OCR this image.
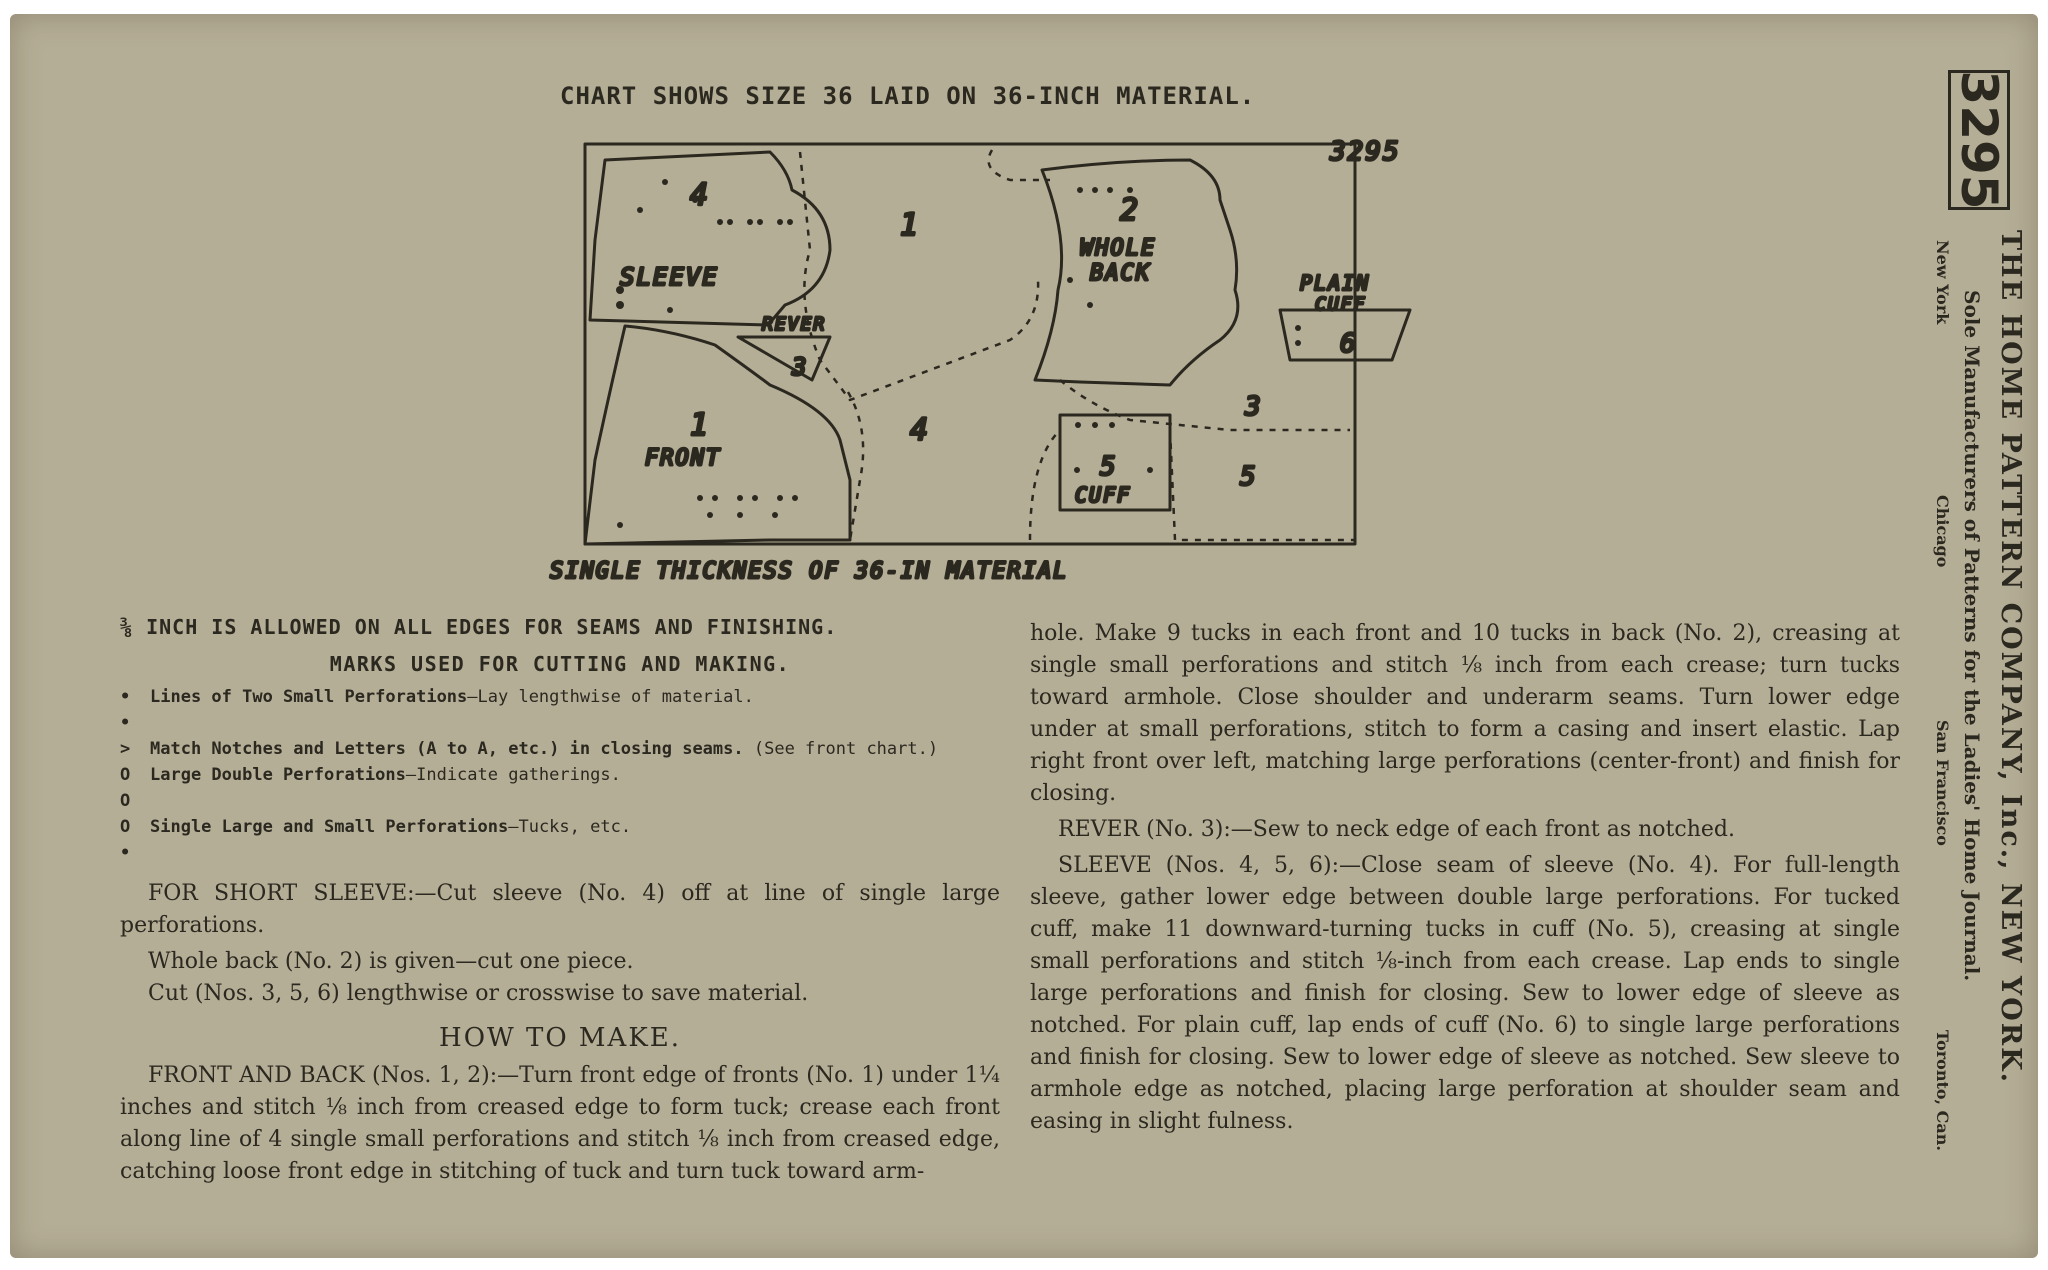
CHART SHOWS SIZE 36 LAID ON 36-INCH MATERIAL.
3295
4
SLEEVE
1	2
WHOLE
BACK
REVER
3
1
FRONT
4
3
5
CUFF
5
PLAIN
CUFF
6
SINGLE THICKNESS OF 36-IN MATERIAL
⅜ INCH IS ALLOWED ON ALL EDGES FOR SEAMS AND FINISHING.
MARKS USED FOR CUTTING AND MAKING.
• •
Lines of Two Small Perforations—Lay lengthwise of material.
>	Match Notches and Letters (A to A, etc.) in closing seams. (See front chart.)
O O
Large Double Perforations—Indicate gatherings.
O •
Single Large and Small Perforations—Tucks, etc.
FOR SHORT SLEEVE:—Cut sleeve (No. 4) off at line of single large perforations.
Whole back (No. 2) is given—cut one piece.
Cut (Nos. 3, 5, 6) lengthwise or crosswise to save material.
HOW TO MAKE.
FRONT AND BACK (Nos. 1, 2):—Turn front edge of fronts (No. 1) under 1¼ inches and stitch ⅛ inch from creased edge to form tuck; crease each front along line of 4 single small perforations and stitch ⅛ inch from creased edge, catching loose front edge in stitching of tuck and turn tuck toward arm-
hole. Make 9 tucks in each front and 10 tucks in back (No. 2), creasing at single small perforations and stitch ⅛ inch from each crease; turn tucks toward armhole. Close shoulder and underarm seams. Turn lower edge under at small perforations, stitch to form a casing and insert elastic. Lap right front over left, matching large perforations (center-front) and finish for closing.
REVER (No. 3):—Sew to neck edge of each front as notched.
SLEEVE (Nos. 4, 5, 6):—Close seam of sleeve (No. 4). For full-length sleeve, gather lower edge between double large perforations. For tucked cuff, make 11 downward-turning tucks in cuff (No. 5), creasing at single small perforations and stitch ⅛-inch from each crease. Lap ends to single large perforations and finish for closing. Sew to lower edge of sleeve as notched. For plain cuff, lap ends of cuff (No. 6) to single large perforations and finish for closing. Sew to lower edge of sleeve as notched. Sew sleeve to armhole edge as notched, placing large perforation at shoulder seam and easing in slight fulness.
3295
THE HOME PATTERN COMPANY, Inc., NEW YORK.
Sole Manufacturers of Patterns for the Ladies' Home Journal.
New York
Chicago
San Francisco
Toronto, Can.
